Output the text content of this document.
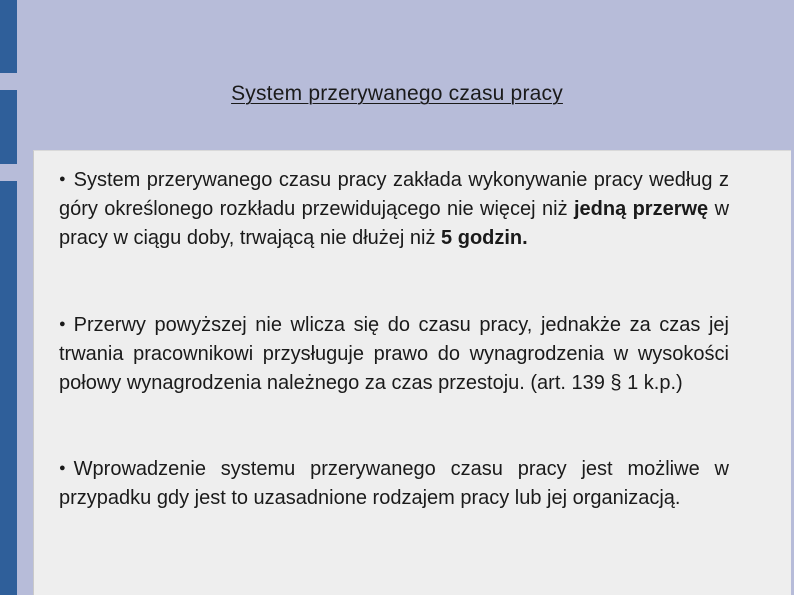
System przerywanego czasu pracy

● System przerywanego czasu pracy zakłada wykonywanie pracy według z góry określonego rozkładu przewidującego nie więcej niż jedną przerwę w pracy w ciągu doby, trwającą nie dłużej niż 5 godzin.

● Przerwy powyższej nie wlicza się do czasu pracy, jednakże za czas jej trwania pracownikowi przysługuje prawo do wynagrodzenia w wysokości połowy wynagrodzenia należnego za czas przestoju. (art. 139 § 1 k.p.)

● Wprowadzenie systemu przerywanego czasu pracy jest możliwe w przypadku gdy jest to uzasadnione rodzajem pracy lub jej organizacją.
